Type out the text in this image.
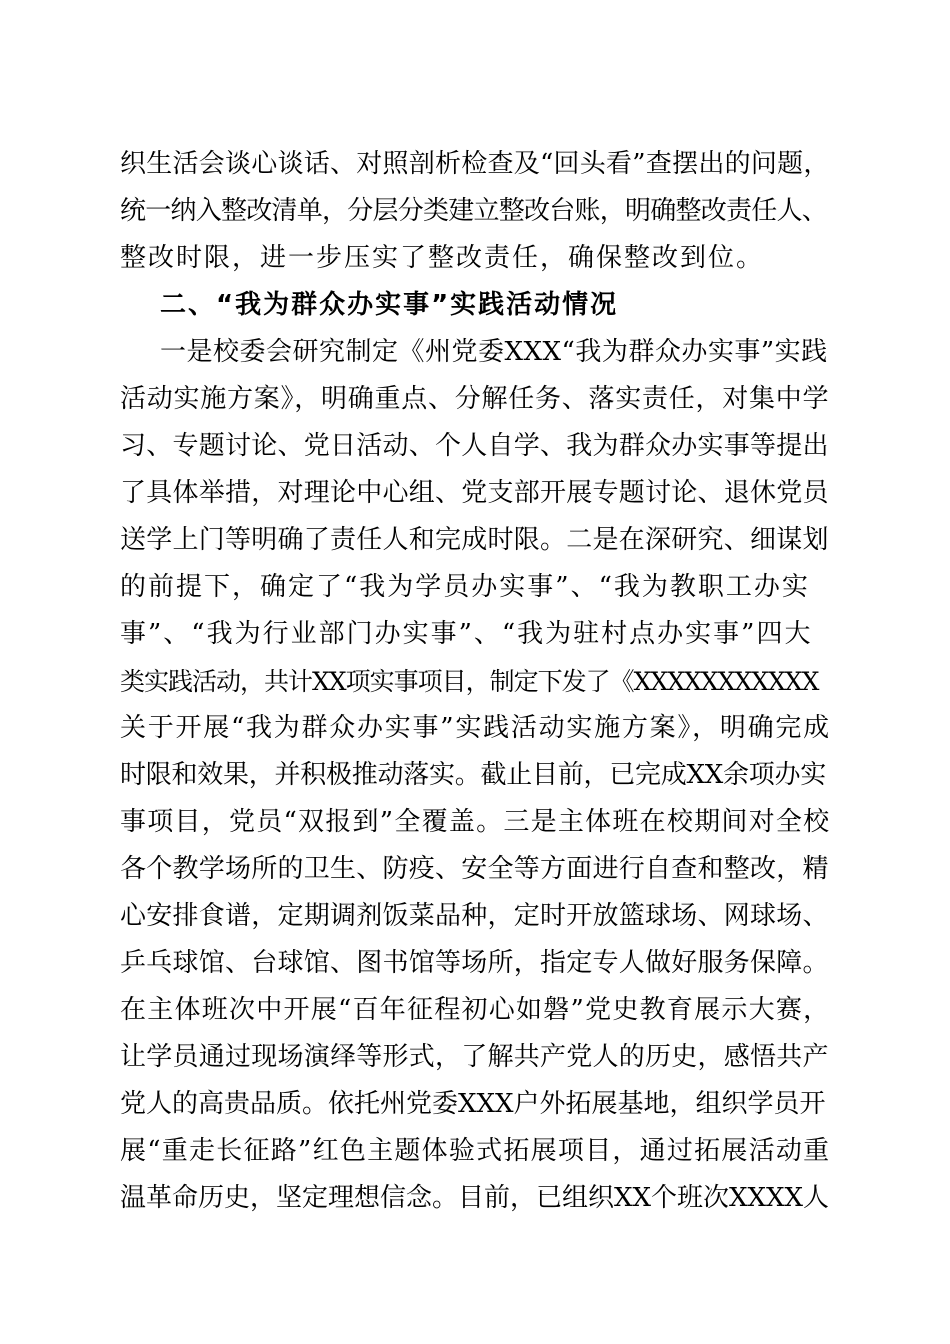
织生活会谈心谈话、对照剖析检查及“回头看”查摆出的问题，
统一纳入整改清单，分层分类建立整改台账，明确整改责任人、
整改时限，进一步压实了整改责任，确保整改到位。
二、“我为群众办实事”实践活动情况
一是校委会研究制定《州党委XXX“我为群众办实事”实践
活动实施方案》，明确重点、分解任务、落实责任，对集中学
习、专题讨论、党日活动、个人自学、我为群众办实事等提出
了具体举措，对理论中心组、党支部开展专题讨论、退休党员
送学上门等明确了责任人和完成时限。二是在深研究、细谋划
的前提下，确定了“我为学员办实事”、“我为教职工办实
事”、“我为行业部门办实事”、“我为驻村点办实事”四大
类实践活动，共计XX项实事项目，制定下发了《XXXXXXXXXXX
关于开展“我为群众办实事”实践活动实施方案》，明确完成
时限和效果，并积极推动落实。截止目前，已完成XX余项办实
事项目，党员“双报到”全覆盖。三是主体班在校期间对全校
各个教学场所的卫生、防疫、安全等方面进行自查和整改，精
心安排食谱，定期调剂饭菜品种，定时开放篮球场、网球场、
乒乓球馆、台球馆、图书馆等场所，指定专人做好服务保障。
在主体班次中开展“百年征程初心如磐”党史教育展示大赛，
让学员通过现场演绎等形式，了解共产党人的历史，感悟共产
党人的高贵品质。依托州党委XXX户外拓展基地，组织学员开
展“重走长征路”红色主题体验式拓展项目，通过拓展活动重
温革命历史，坚定理想信念。目前，已组织XX个班次XXXX人
